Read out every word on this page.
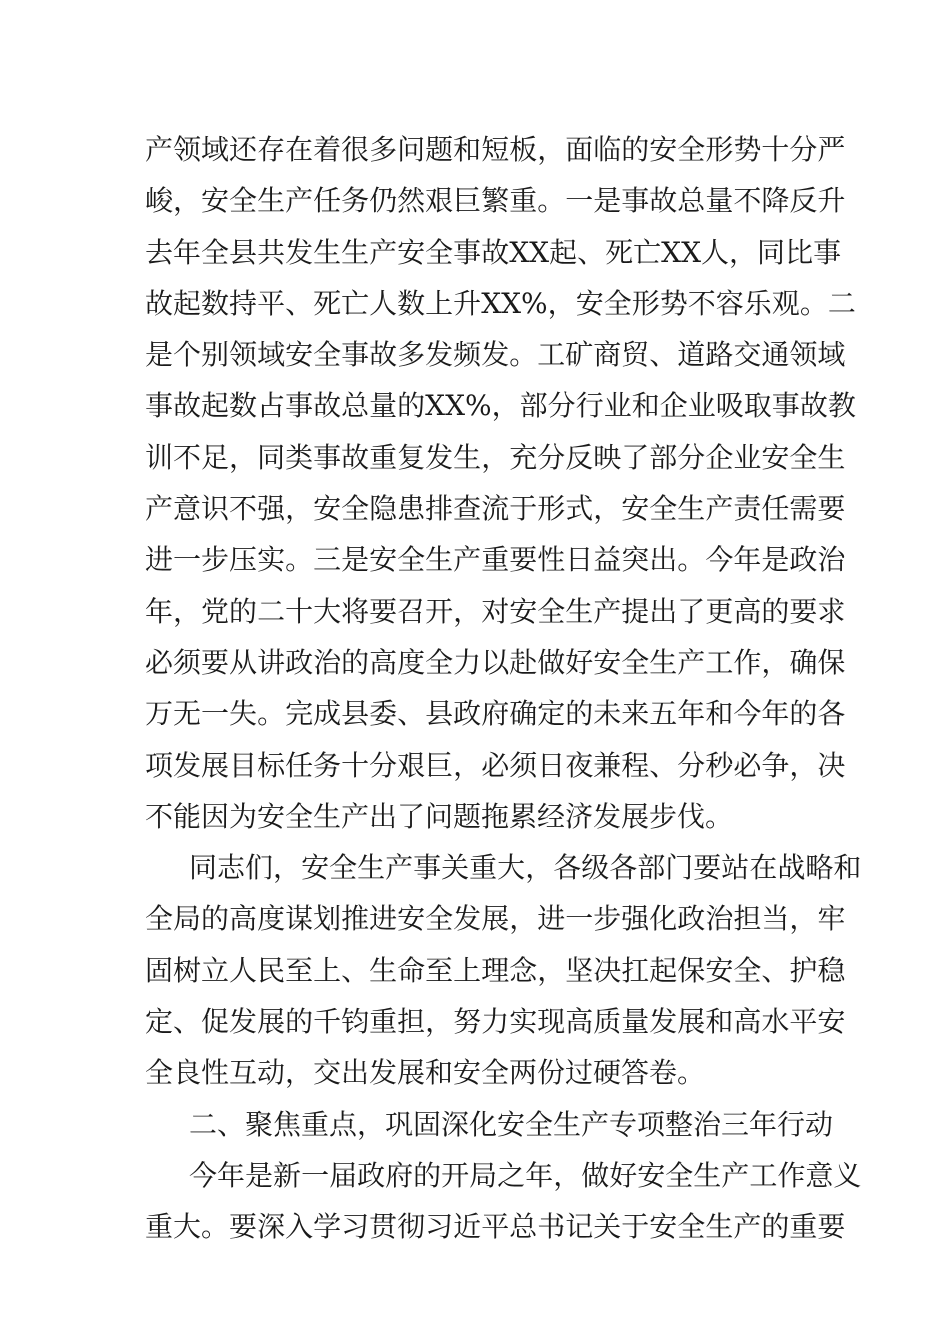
产 领 域 还 存 在 着 很 多 问 题 和 短 板 ， 面 临 的 安 全 形 势 十 分 严
峻 ， 安 全 生 产 任 务 仍 然 艰 巨 繁 重 。 一 是 事 故 总 量 不 降 反 升
去 年 全 县 共 发 生 生 产 安 全 事 故 XX 起 、 死 亡 XX 人 ， 同 比 事
故 起 数 持 平 、 死 亡 人 数 上 升 XX% ， 安 全 形 势 不 容 乐 观 。 二
是 个 别 领 域 安 全 事 故 多 发 频 发 。 工 矿 商 贸 、 道 路 交 通 领 域
事 故 起 数 占 事 故 总 量 的 XX% ， 部 分 行 业 和 企 业 吸 取 事 故 教
训 不 足 ， 同 类 事 故 重 复 发 生 ， 充 分 反 映 了 部 分 企 业 安 全 生
产 意 识 不 强 ， 安 全 隐 患 排 查 流 于 形 式 ， 安 全 生 产 责 任 需 要
进 一 步 压 实 。 三 是 安 全 生 产 重 要 性 日 益 突 出 。 今 年 是 政 治
年 ， 党 的 二 十 大 将 要 召 开 ， 对 安 全 生 产 提 出 了 更 高 的 要 求
必 须 要 从 讲 政 治 的 高 度 全 力 以 赴 做 好 安 全 生 产 工 作 ， 确 保
万 无 一 失 。 完 成 县 委 、 县 政 府 确 定 的 未 来 五 年 和 今 年 的 各
项 发 展 目 标 任 务 十 分 艰 巨 ， 必 须 日 夜 兼 程 、 分 秒 必 争 ， 决
不能因为安全生产出了问题拖累经济发展步伐。
同 志 们 ， 安 全 生 产 事 关 重 大 ， 各 级 各 部 门 要 站 在 战 略 和
全 局 的 高 度 谋 划 推 进 安 全 发 展 ， 进 一 步 强 化 政 治 担 当 ， 牢
固 树 立 人 民 至 上 、 生 命 至 上 理 念 ， 坚 决 扛 起 保 安 全 、 护 稳
定 、 促 发 展 的 千 钧 重 担 ， 努 力 实 现 高 质 量 发 展 和 高 水 平 安
全良性互动，交出发展和安全两份过硬答卷。
二、聚焦重点，巩固深化安全生产专项整治三年行动
今 年 是 新 一 届 政 府 的 开 局 之 年 ， 做 好 安 全 生 产 工 作 意 义
重 大 。 要 深 入 学 习 贯 彻 习 近 平 总 书 记 关 于 安 全 生 产 的 重 要
